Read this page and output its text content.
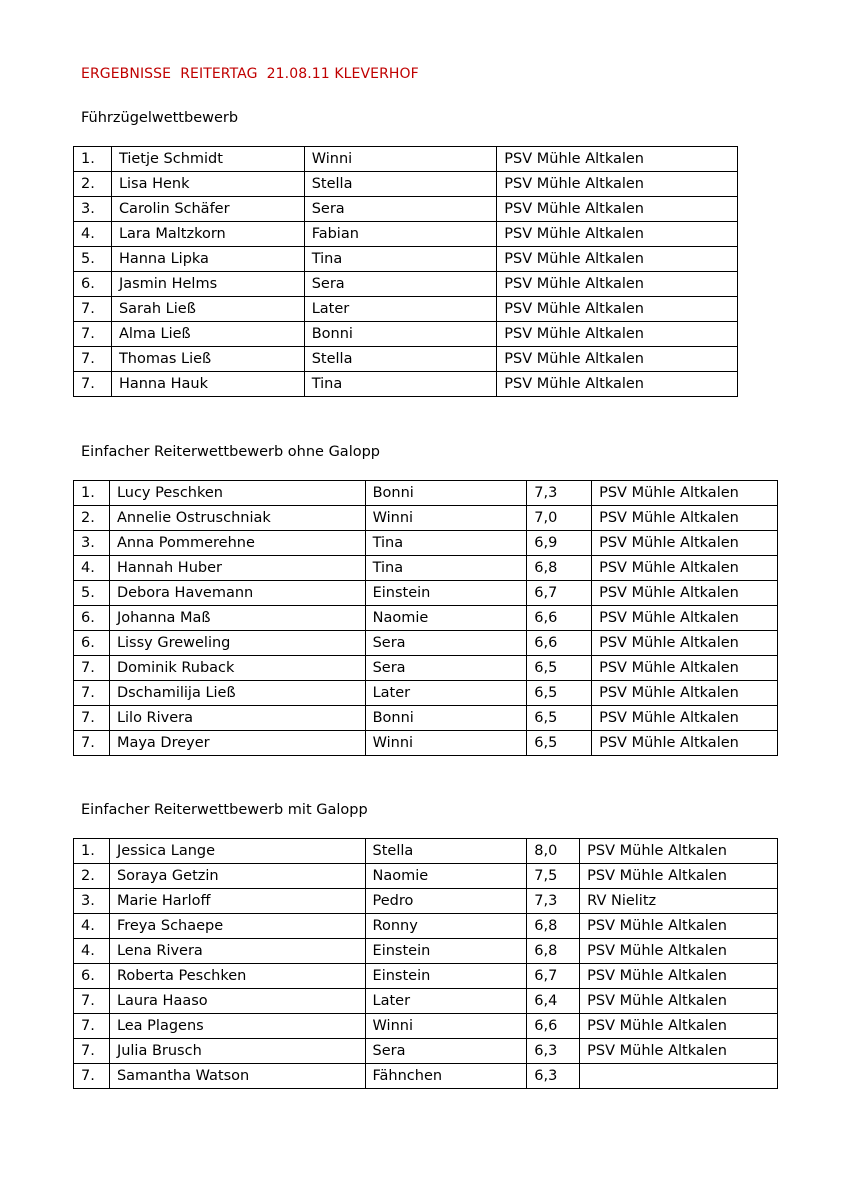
ERGEBNISSE  REITERTAG  21.08.11 KLEVERHOF
Führzügelwettbewerb
1.	Tietje Schmidt	Winni	PSV Mühle Altkalen
2.	Lisa Henk	Stella	PSV Mühle Altkalen
3.	Carolin Schäfer	Sera	PSV Mühle Altkalen
4.	Lara Maltzkorn	Fabian	PSV Mühle Altkalen
5.	Hanna Lipka	Tina	PSV Mühle Altkalen
6.	Jasmin Helms	Sera	PSV Mühle Altkalen
7.	Sarah Ließ	Later	PSV Mühle Altkalen
7.	Alma Ließ	Bonni	PSV Mühle Altkalen
7.	Thomas Ließ	Stella	PSV Mühle Altkalen
7.	Hanna Hauk	Tina	PSV Mühle Altkalen
Einfacher Reiterwettbewerb ohne Galopp
1.	Lucy Peschken	Bonni	7,3	PSV Mühle Altkalen
2.	Annelie Ostruschniak	Winni	7,0	PSV Mühle Altkalen
3.	Anna Pommerehne	Tina	6,9	PSV Mühle Altkalen
4.	Hannah Huber	Tina	6,8	PSV Mühle Altkalen
5.	Debora Havemann	Einstein	6,7	PSV Mühle Altkalen
6.	Johanna Maß	Naomie	6,6	PSV Mühle Altkalen
6.	Lissy Greweling	Sera	6,6	PSV Mühle Altkalen
7.	Dominik Ruback	Sera	6,5	PSV Mühle Altkalen
7.	Dschamilija Ließ	Later	6,5	PSV Mühle Altkalen
7.	Lilo Rivera	Bonni	6,5	PSV Mühle Altkalen
7.	Maya Dreyer	Winni	6,5	PSV Mühle Altkalen
Einfacher Reiterwettbewerb mit Galopp
1.	Jessica Lange	Stella	8,0	PSV Mühle Altkalen
2.	Soraya Getzin	Naomie	7,5	PSV Mühle Altkalen
3.	Marie Harloff	Pedro	7,3	RV Nielitz
4.	Freya Schaepe	Ronny	6,8	PSV Mühle Altkalen
4.	Lena Rivera	Einstein	6,8	PSV Mühle Altkalen
6.	Roberta Peschken	Einstein	6,7	PSV Mühle Altkalen
7.	Laura Haaso	Later	6,4	PSV Mühle Altkalen
7.	Lea Plagens	Winni	6,6	PSV Mühle Altkalen
7.	Julia Brusch	Sera	6,3	PSV Mühle Altkalen
7.	Samantha Watson	Fähnchen	6,3	
